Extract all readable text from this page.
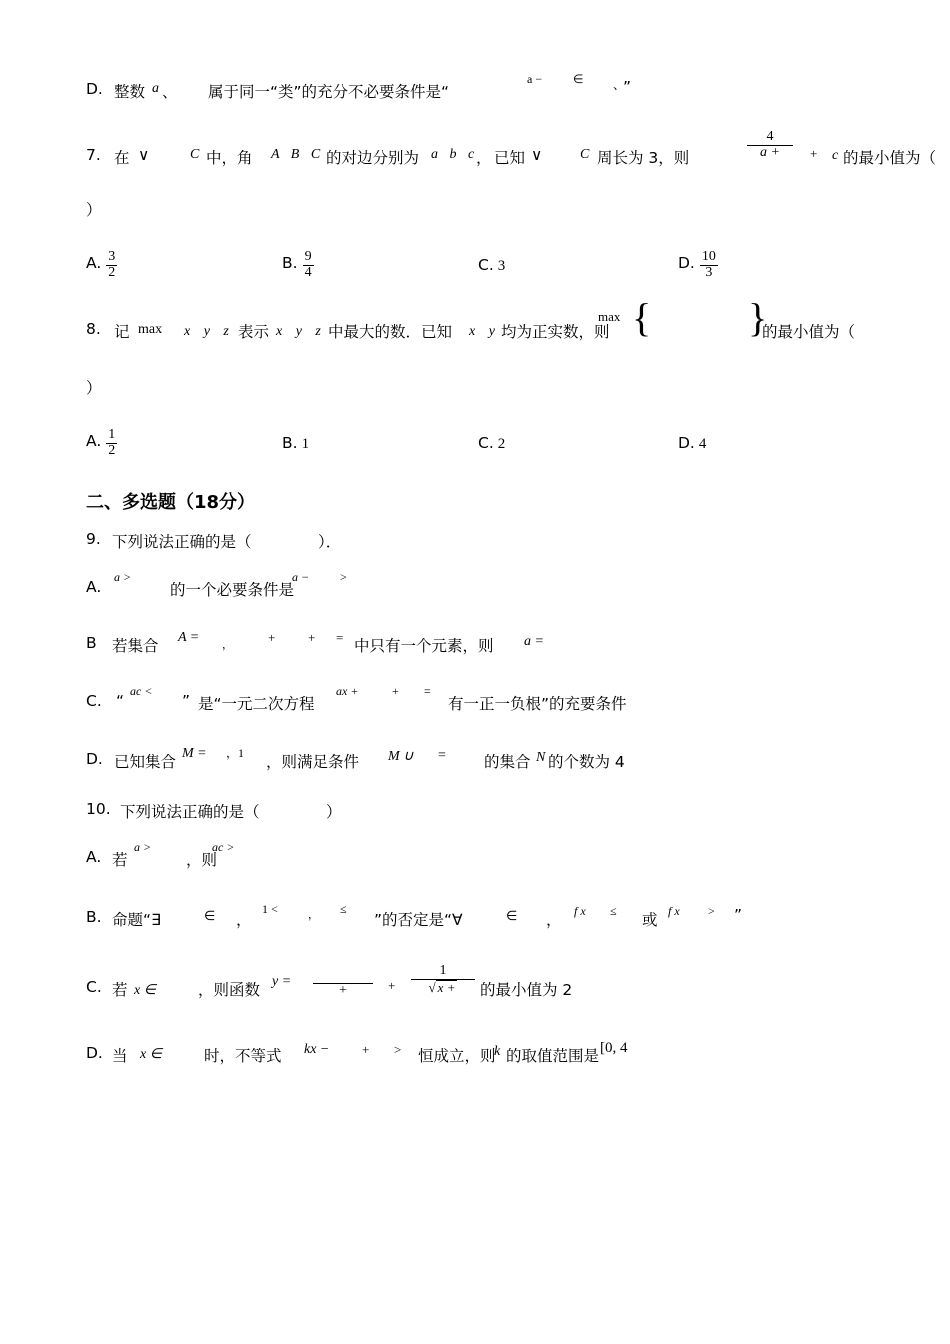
D. 整数 a 、 属于同一“类”的充分不必要条件是“
a −	∈ 、
”
7. 在 ∨	C 中，角 A B C 的对边分别为 a b c
， 已知 ∨	C 周长为 3，则	$\frac{4}{a +} + c$ 的最小值为（
）
A. $\frac{3}{2}$	B. $\frac{9}{4}$	C. 3	D. $\frac{10}{3}$
8. 记 max x y z 表示 x y z 中最大的数．已知 x y 均为正实数，则
max { }
的最小值为（
）
A. $\frac{1}{2}$	B. 1	C. 2	D. 4
二、多选题（18分）
9. 下列说法正确的是（	）．
A.
a >
的一个必要条件是
a −	>
B 若集合 A = ，	+	+ = 中只有一个元素，则 a =
C. “
ac <
” 是“一元二次方程
ax +	+ =
有一正一负根”的充要条件
D. 已知集合 M = ，1 ，则满足条件 M ∪ = 的集合 N 的个数为 4
10. 下列说法正确的是（	）
A. 若
a >
，则
ac >
B. 命题“∃	∈ ，
1 <	， ≤
”的否定是“∀	∈ ， f x ≤ 或 f x > ”
C. 若 x ∈	，则函数 y =

+	+ $\frac{1}{√ x +}$ 的最小值为 2
D. 当 x ∈	时，不等式 kx −	+ > 恒成立，则
k 的取值范围是 [0, 4
